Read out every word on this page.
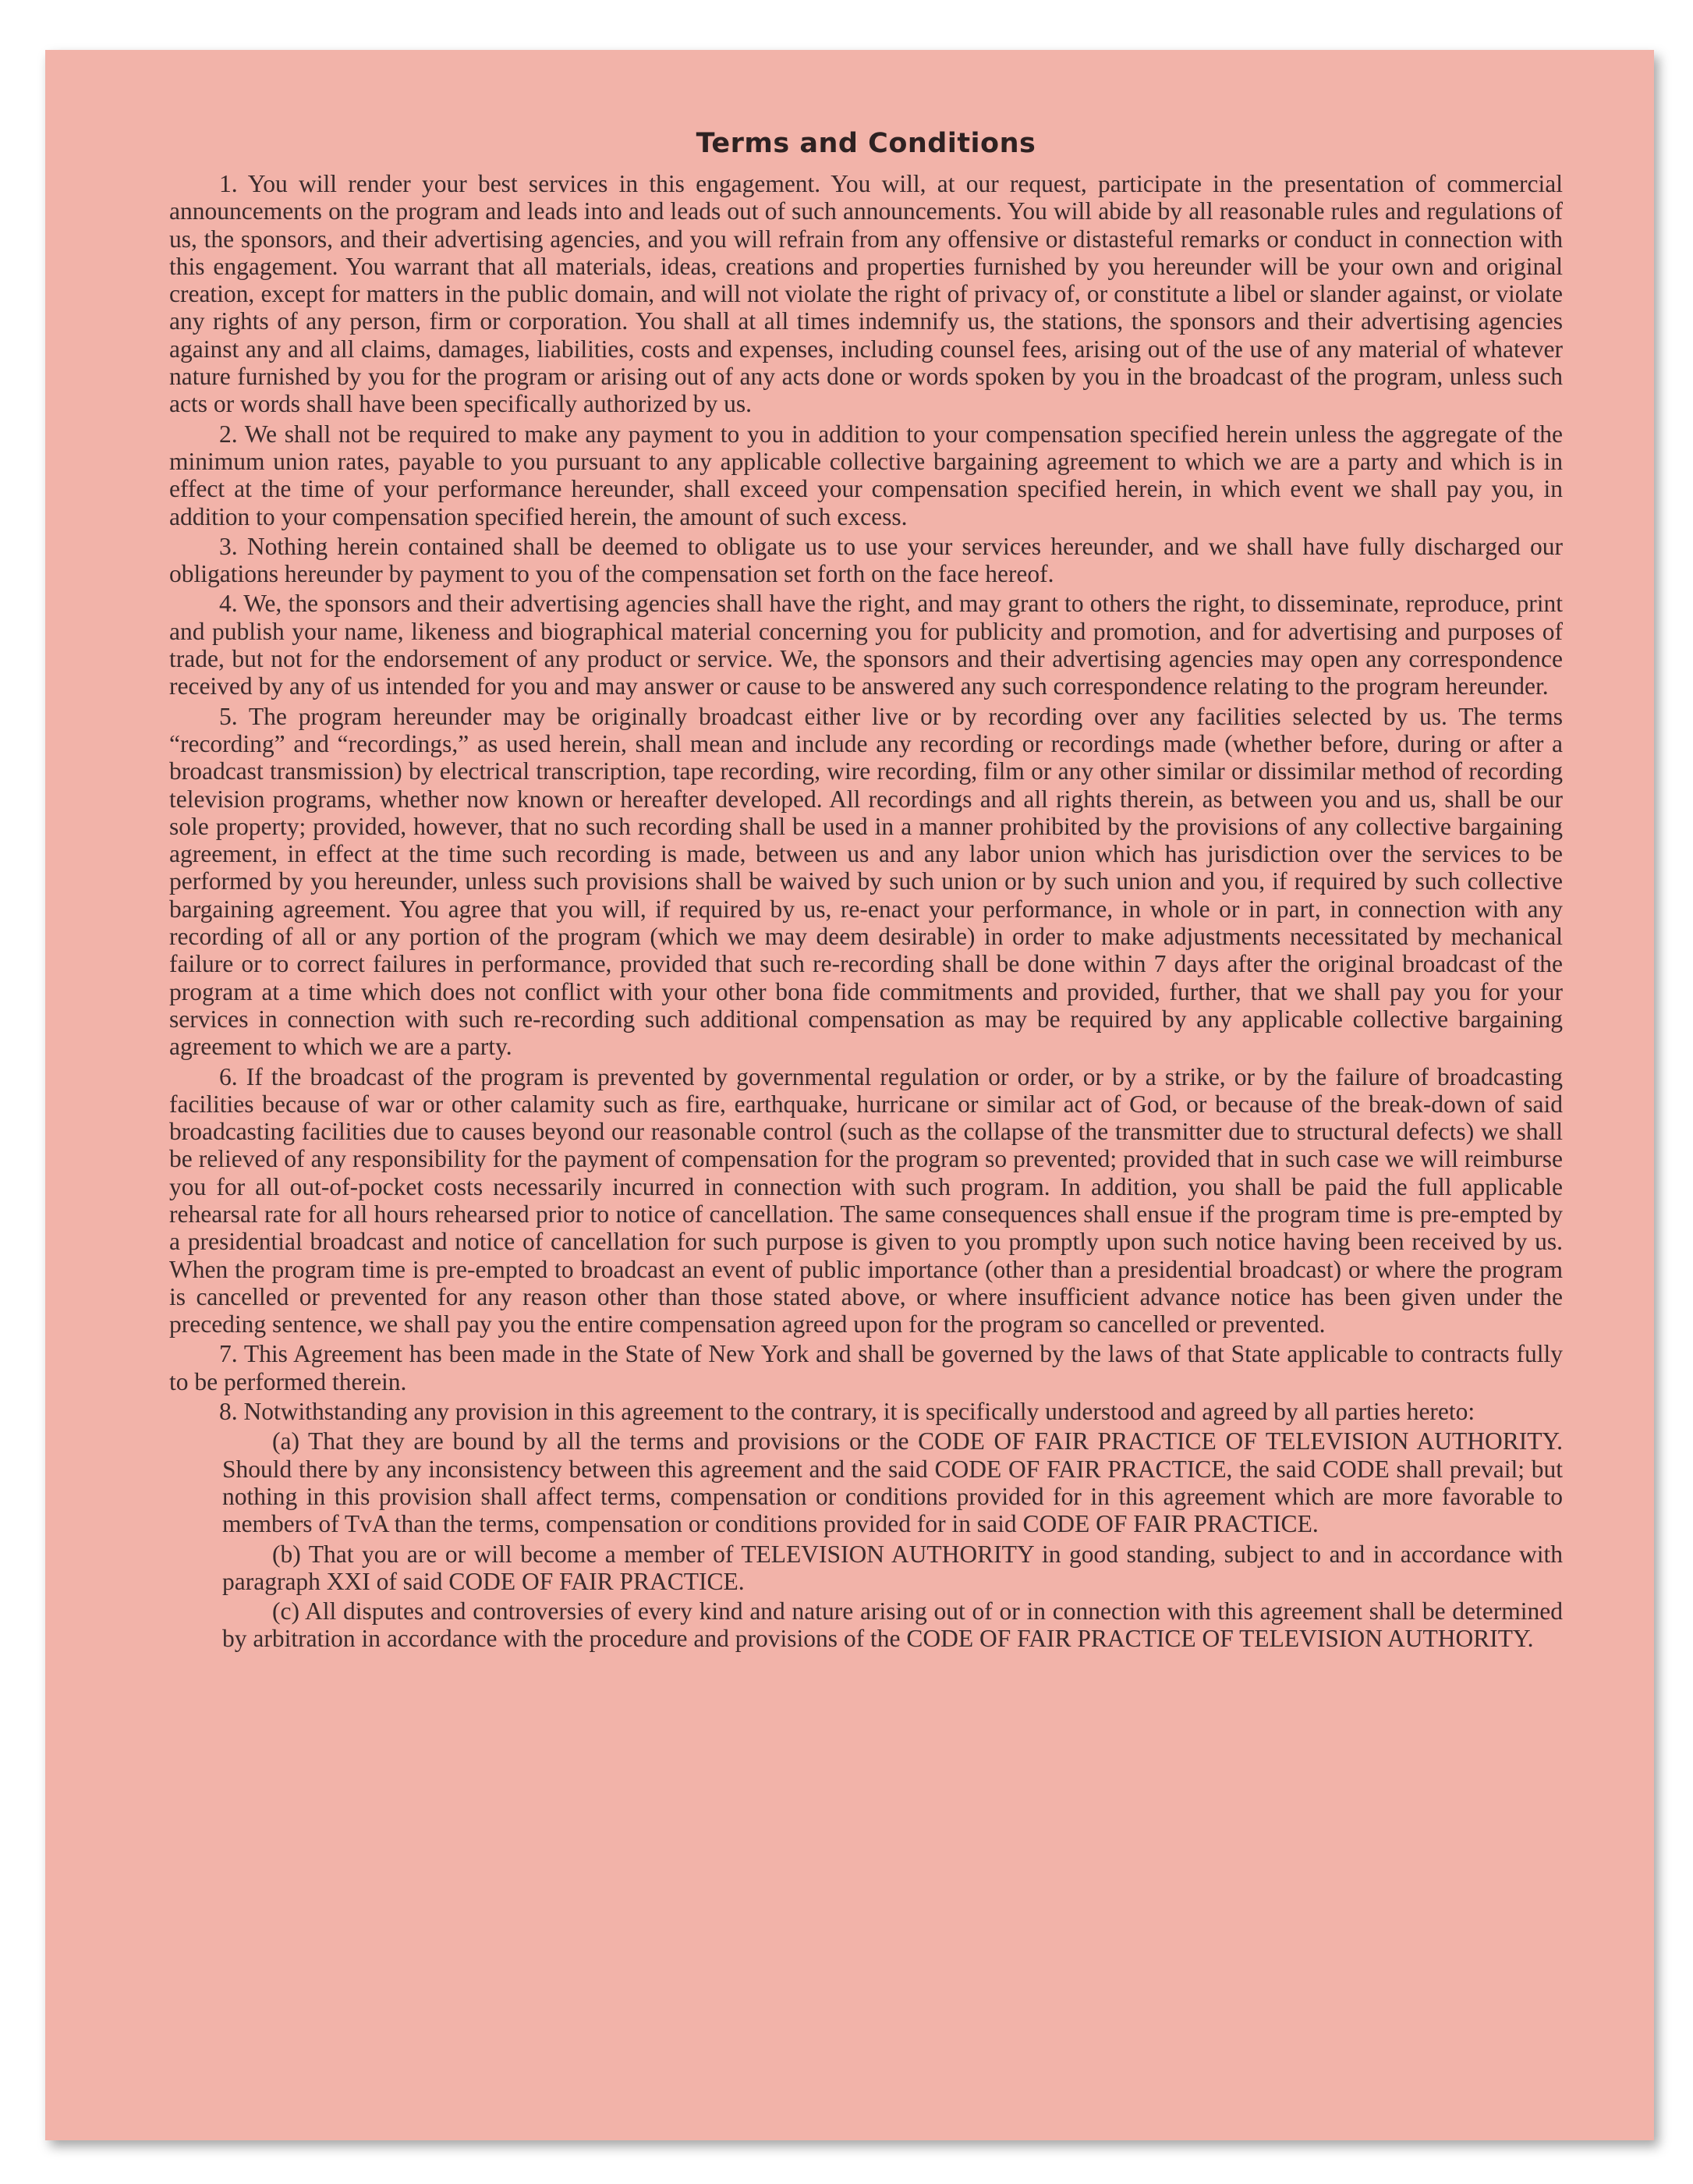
Terms and Conditions

1. You will render your best services in this engagement. You will, at our request, participate in the presentation of commercial announcements on the program and leads into and leads out of such announcements. You will abide by all reasonable rules and regulations of us, the sponsors, and their advertising agencies, and you will refrain from any offensive or distasteful remarks or conduct in connection with this engagement. You warrant that all materials, ideas, creations and properties furnished by you hereunder will be your own and original creation, except for matters in the public domain, and will not violate the right of privacy of, or constitute a libel or slander against, or violate any rights of any person, firm or corporation. You shall at all times indemnify us, the stations, the sponsors and their advertising agencies against any and all claims, damages, liabilities, costs and expenses, including counsel fees, arising out of the use of any material of whatever nature furnished by you for the program or arising out of any acts done or words spoken by you in the broadcast of the program, unless such acts or words shall have been specifically authorized by us.

2. We shall not be required to make any payment to you in addition to your compensation specified herein unless the aggregate of the minimum union rates, payable to you pursuant to any applicable collective bargaining agreement to which we are a party and which is in effect at the time of your performance hereunder, shall exceed your compensation specified herein, in which event we shall pay you, in addition to your compensation specified herein, the amount of such excess.

3. Nothing herein contained shall be deemed to obligate us to use your services hereunder, and we shall have fully discharged our obligations hereunder by payment to you of the compensation set forth on the face hereof.

4. We, the sponsors and their advertising agencies shall have the right, and may grant to others the right, to disseminate, reproduce, print and publish your name, likeness and biographical material concerning you for publicity and promotion, and for advertising and purposes of trade, but not for the endorsement of any product or service. We, the sponsors and their advertising agencies may open any correspondence received by any of us intended for you and may answer or cause to be answered any such correspondence relating to the program hereunder.

5. The program hereunder may be originally broadcast either live or by recording over any facilities selected by us. The terms “recording” and “recordings,” as used herein, shall mean and include any recording or recordings made (whether before, during or after a broadcast transmission) by electrical transcription, tape recording, wire recording, film or any other similar or dissimilar method of recording television programs, whether now known or hereafter developed. All recordings and all rights therein, as between you and us, shall be our sole property; provided, however, that no such recording shall be used in a manner prohibited by the provisions of any collective bargaining agreement, in effect at the time such recording is made, between us and any labor union which has jurisdiction over the services to be performed by you hereunder, unless such provisions shall be waived by such union or by such union and you, if required by such collective bargaining agreement. You agree that you will, if required by us, re-enact your performance, in whole or in part, in connection with any recording of all or any portion of the program (which we may deem desirable) in order to make adjustments necessitated by mechanical failure or to correct failures in performance, provided that such re-recording shall be done within 7 days after the original broadcast of the program at a time which does not conflict with your other bona fide commitments and provided, further, that we shall pay you for your services in connection with such re-recording such additional compensation as may be required by any applicable collective bargaining agreement to which we are a party.

6. If the broadcast of the program is prevented by governmental regulation or order, or by a strike, or by the failure of broadcasting facilities because of war or other calamity such as fire, earthquake, hurricane or similar act of God, or because of the break-down of said broadcasting facilities due to causes beyond our reasonable control (such as the collapse of the transmitter due to structural defects) we shall be relieved of any responsibility for the payment of compensation for the program so prevented; provided that in such case we will reimburse you for all out-of-pocket costs necessarily incurred in connection with such program. In addition, you shall be paid the full applicable rehearsal rate for all hours rehearsed prior to notice of cancellation. The same consequences shall ensue if the program time is pre-empted by a presidential broadcast and notice of cancellation for such purpose is given to you promptly upon such notice having been received by us. When the program time is pre-empted to broadcast an event of public importance (other than a presidential broadcast) or where the program is cancelled or prevented for any reason other than those stated above, or where insufficient advance notice has been given under the preceding sentence, we shall pay you the entire compensation agreed upon for the program so cancelled or prevented.

7. This Agreement has been made in the State of New York and shall be governed by the laws of that State applicable to contracts fully to be performed therein.

8. Notwithstanding any provision in this agreement to the contrary, it is specifically understood and agreed by all parties hereto:

(a) That they are bound by all the terms and provisions or the CODE OF FAIR PRACTICE OF TELEVISION AUTHORITY. Should there by any inconsistency between this agreement and the said CODE OF FAIR PRACTICE, the said CODE shall prevail; but nothing in this provision shall affect terms, compensation or conditions provided for in this agreement which are more favorable to members of TvA than the terms, compensation or conditions provided for in said CODE OF FAIR PRACTICE.

(b) That you are or will become a member of TELEVISION AUTHORITY in good standing, subject to and in accordance with paragraph XXI of said CODE OF FAIR PRACTICE.

(c) All disputes and controversies of every kind and nature arising out of or in connection with this agreement shall be determined by arbitration in accordance with the procedure and provisions of the CODE OF FAIR PRACTICE OF TELEVISION AUTHORITY.
